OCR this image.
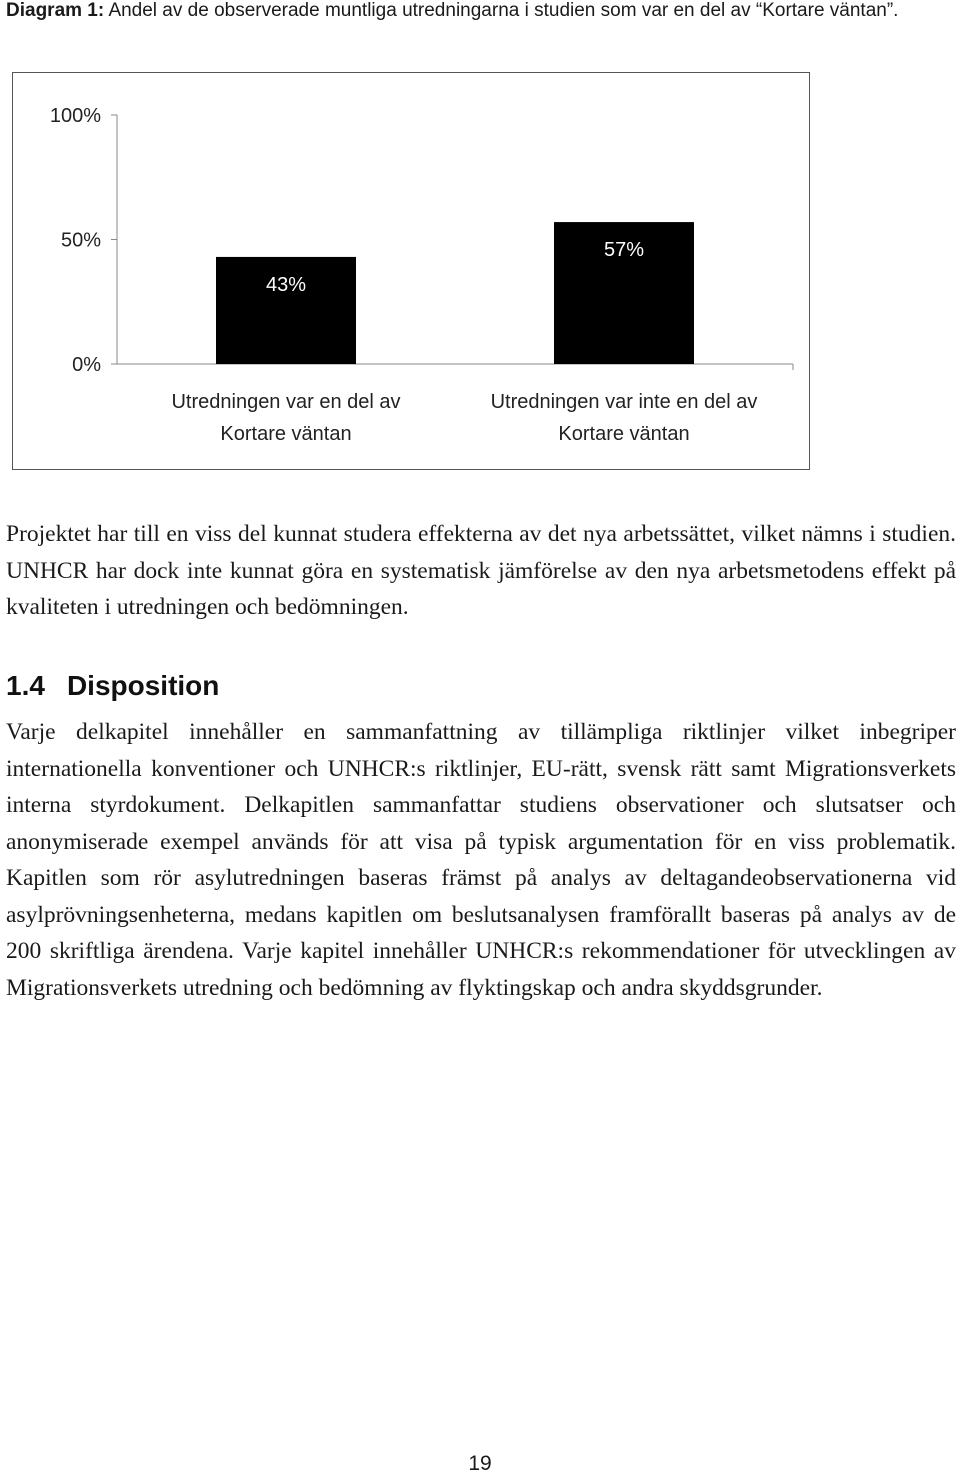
Diagram 1: Andel av de observerade muntliga utredningarna i studien som var en del av “Kortare väntan”.
0%
50%
100%
43%
Utredningen var en del av
Kortare väntan
57%
Utredningen var inte en del av
Kortare väntan
Projektet har till en viss del kunnat studera effekterna av det nya arbetssättet, vilket nämns i studien. UNHCR har dock inte kunnat göra en systematisk jämförelse av den nya arbetsmetodens effekt på kvaliteten i utredningen och bedömningen.
1.4 Disposition
Varje delkapitel innehåller en sammanfattning av tillämpliga riktlinjer vilket inbegriper internationella konventioner och UNHCR:s riktlinjer, EU-rätt, svensk rätt samt Migrationsverkets interna styrdokument. Delkapitlen sammanfattar studiens observationer och slutsatser och anonymiserade exempel används för att visa på typisk argumentation för en viss problematik. Kapitlen som rör asylutredningen baseras främst på analys av deltagandeobservationerna vid asylprövningsenheterna, medans kapitlen om beslutsanalysen framförallt baseras på analys av de 200 skriftliga ärendena. Varje kapitel innehåller UNHCR:s rekommendationer för utvecklingen av Migrationsverkets utredning och bedömning av flyktingskap och andra skyddsgrunder.
19
